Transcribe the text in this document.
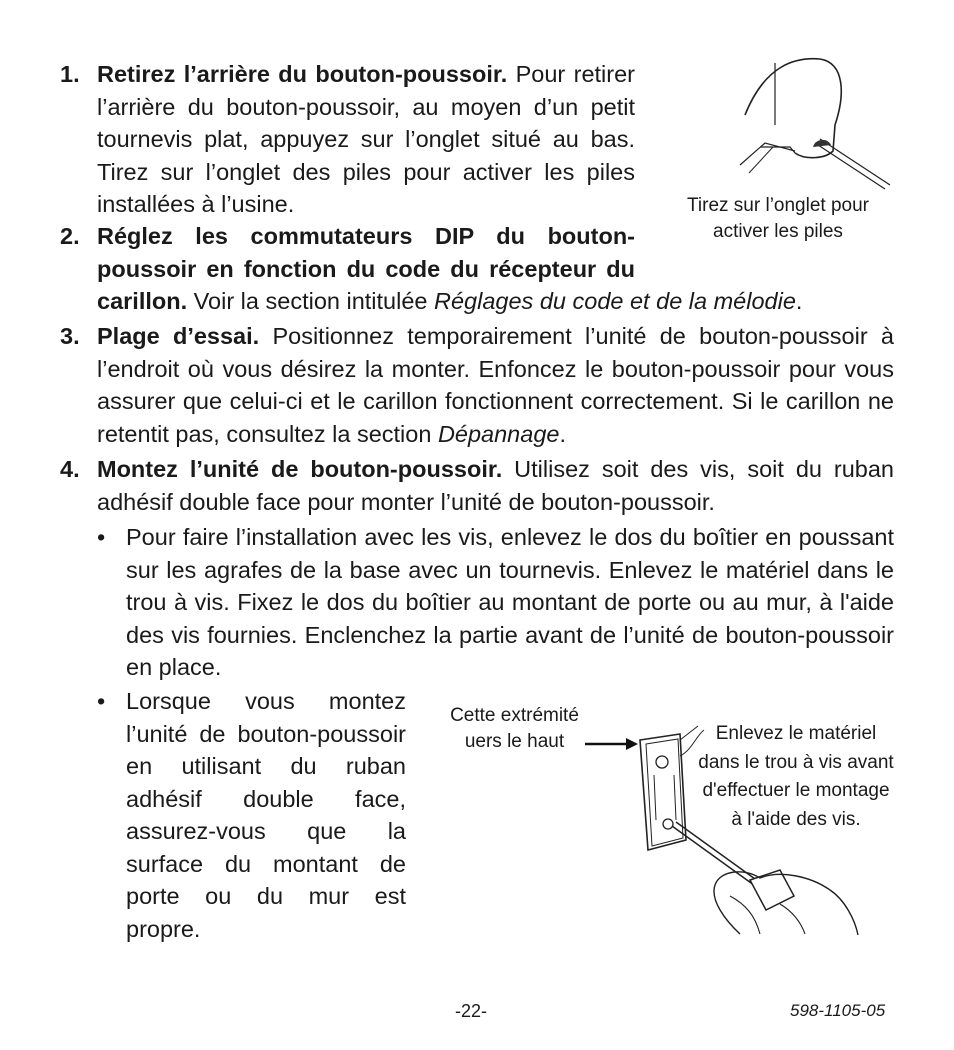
1. Retirez l’arrière du bouton-poussoir. Pour retirer l’arrière du bouton-poussoir, au moyen d’un petit tournevis plat, appuyez sur l’onglet situé au bas. Tirez sur l’onglet des piles pour activer les piles installées à l’usine.	Tirez sur l’onglet pour activer les piles
2. Réglez les commutateurs DIP du bouton-poussoir en fonction du code du récepteur du
carillon. Voir la section intitulée Réglages du code et de la mélodie.
3. Plage d’essai. Positionnez temporairement l’unité de bouton-poussoir à l’endroit où vous désirez la monter. Enfoncez le bouton-poussoir pour vous assurer que celui-ci et le carillon fonctionnent correctement. Si le carillon ne retentit pas, consultez la section Dépannage.
4. Montez l’unité de bouton-poussoir. Utilisez soit des vis, soit du ruban adhésif double face pour monter l’unité de bouton-poussoir.
• Pour faire l’installation avec les vis, enlevez le dos du boîtier en poussant sur les agrafes de la base avec un tournevis. Enlevez le matériel dans le trou à vis. Fixez le dos du boîtier au montant de porte ou au mur, à l'aide des vis fournies. Enclenchez la partie avant de l’unité de bouton-poussoir en place.
• Lorsque vous montez l’unité de bouton-poussoir en utilisant du ruban adhésif double face, assurez-vous que la surface du montant de porte ou du mur est propre.
Cette extrémité uers le haut	Enlevez le matériel dans le trou à vis avant d'effectuer le montage à l'aide des vis.
-22-	598-1105-05
